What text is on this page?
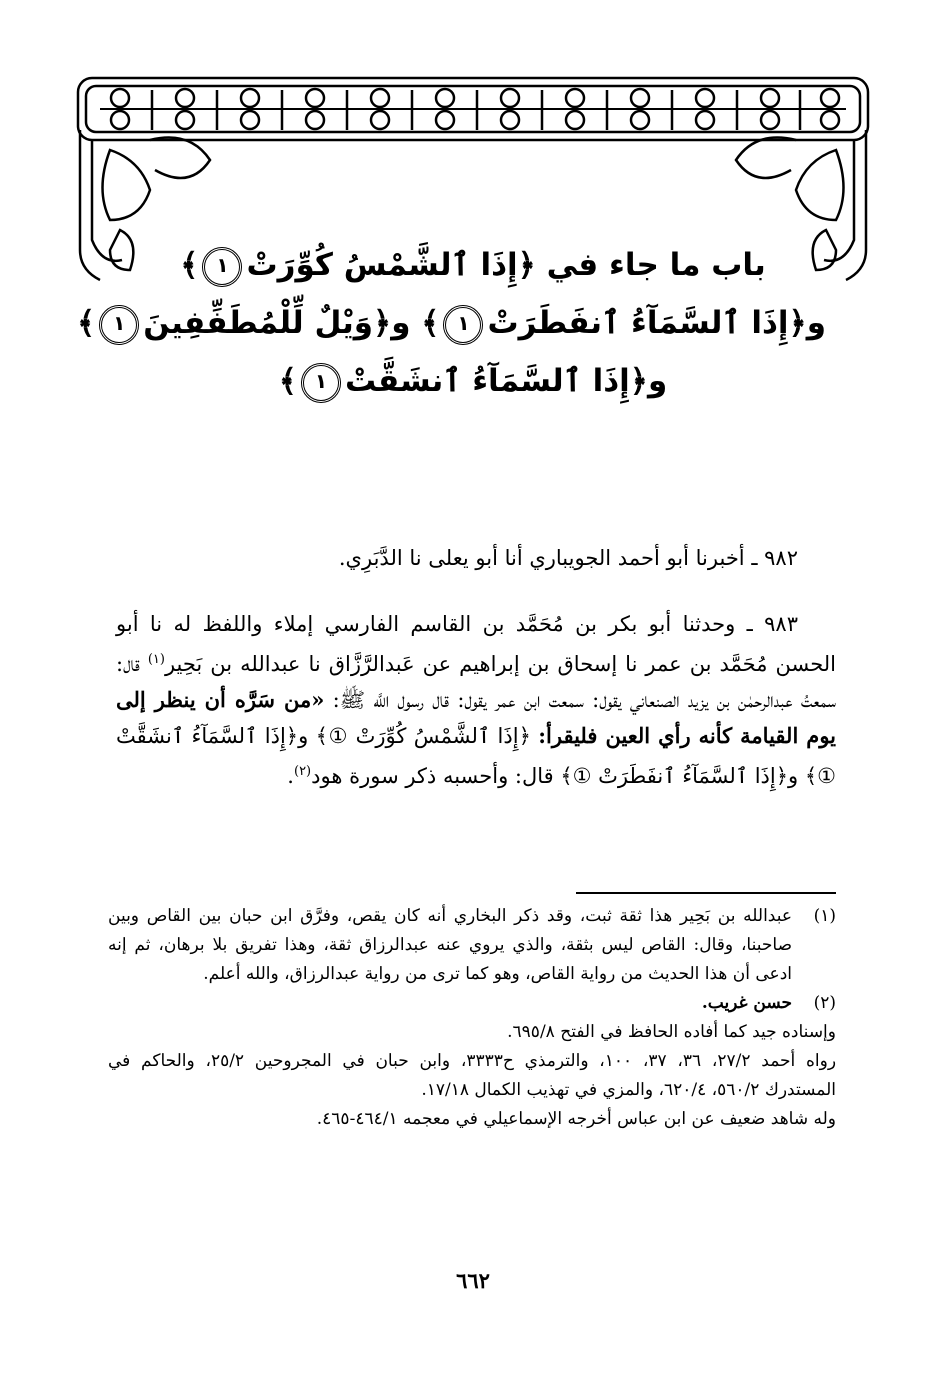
باب ما جاء في ﴿إِذَا ٱلشَّمْسُ كُوِّرَتْ١﴾
و﴿إِذَا ٱلسَّمَآءُ ٱنفَطَرَتْ١﴾ و﴿وَيْلٌ لِّلْمُطَفِّفِينَ١﴾
و﴿إِذَا ٱلسَّمَآءُ ٱنشَقَّتْ١﴾

٩٨٢ ـ أخبرنا أبو أحمد الجويباري أنا أبو يعلى نا الدَّبَرِي.

٩٨٣ ـ وحدثنا أبو بكر بن مُحَمَّد بن القاسم الفارسي إملاء واللفظ له نا أبو الحسن مُحَمَّد بن عمر نا إسحاق بن إبراهيم عن عَبدالرَّزَّاق نا عبدالله بن بَحِير$^{(١)}$ قال: سمعتُ عبدالرحمٰن بن يزيد الصنعاني يقول: سمعت ابن عمر يقول: قال رسول اللَّه ﷺ: «من سَرَّه أن ينظر إلى يوم القيامة كأنه رأي العين فليقرأ: ﴿إِذَا ٱلشَّمْسُ كُوِّرَتْ ①﴾ و﴿إِذَا ٱلسَّمَآءُ ٱنشَقَّتْ ①﴾ و﴿إِذَا ٱلسَّمَآءُ ٱنفَطَرَتْ ①﴾ قال: وأحسبه ذكر سورة هود$^{(٢)}$.

(١)
عبدالله بن بَحِير هذا ثقة ثبت، وقد ذكر البخاري أنه كان يقص، وفرَّق ابن حبان بين القاص وبين صاحبنا، وقال: القاص ليس بثقة، والذي يروي عنه عبدالرزاق ثقة، وهذا تفريق بلا برهان، ثم إنه ادعى أن هذا الحديث من رواية القاص، وهو كما ترى من رواية عبدالرزاق، والله أعلم.
(٢)
حسن غريب.

وإسناده جيد كما أفاده الحافظ في الفتح ٦٩٥/٨.

رواه أحمد ٢٧/٢، ٣٦، ٣٧، ١٠٠، والترمذي ح٣٣٣٣، وابن حبان في المجروحين ٢٥/٢، والحاكم في المستدرك ٥٦٠/٢، ٦٢٠/٤، والمزي في تهذيب الكمال ١٧/١٨.

وله شاهد ضعيف عن ابن عباس أخرجه الإسماعيلي في معجمه ٤٦٤/١-٤٦٥.

٦٦٢
